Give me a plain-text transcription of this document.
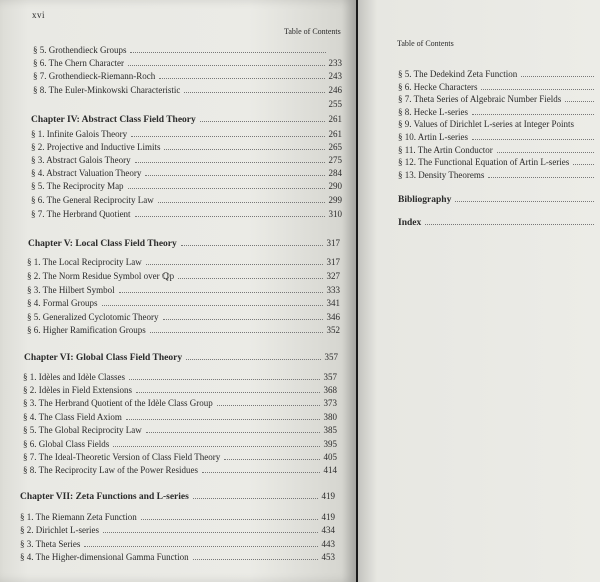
xvi
Table of Contents
Table of Contents
§ 5. Grothendieck Groups
§ 6. The Chern Character	233
§ 7. Grothendieck-Riemann-Roch	243
§ 8. The Euler-Minkowski Characteristic	246
255
Chapter IV: Abstract Class Field Theory	261
§ 1. Infinite Galois Theory	261
§ 2. Projective and Inductive Limits	265
§ 3. Abstract Galois Theory	275
§ 4. Abstract Valuation Theory	284
§ 5. The Reciprocity Map	290
§ 6. The General Reciprocity Law	299
§ 7. The Herbrand Quotient	310
Chapter V: Local Class Field Theory	317
§ 1. The Local Reciprocity Law	317
§ 2. The Norm Residue Symbol over ℚp	327
§ 3. The Hilbert Symbol	333
§ 4. Formal Groups	341
§ 5. Generalized Cyclotomic Theory	346
§ 6. Higher Ramification Groups	352
Chapter VI: Global Class Field Theory	357
§ 1. Idèles and Idèle Classes	357
§ 2. Idèles in Field Extensions	368
§ 3. The Herbrand Quotient of the Idèle Class Group	373
§ 4. The Class Field Axiom	380
§ 5. The Global Reciprocity Law	385
§ 6. Global Class Fields	395
§ 7. The Ideal-Theoretic Version of Class Field Theory	405
§ 8. The Reciprocity Law of the Power Residues	414
Chapter VII: Zeta Functions and L-series	419
§ 1. The Riemann Zeta Function	419
§ 2. Dirichlet L-series	434
§ 3. Theta Series	443
§ 4. The Higher-dimensional Gamma Function	453
§ 5. The Dedekind Zeta Function
§ 6. Hecke Characters
§ 7. Theta Series of Algebraic Number Fields
§ 8. Hecke L-series
§ 9. Values of Dirichlet L-series at Integer Points
§ 10. Artin L-series
§ 11. The Artin Conductor
§ 12. The Functional Equation of Artin L-series
§ 13. Density Theorems
Bibliography
Index
